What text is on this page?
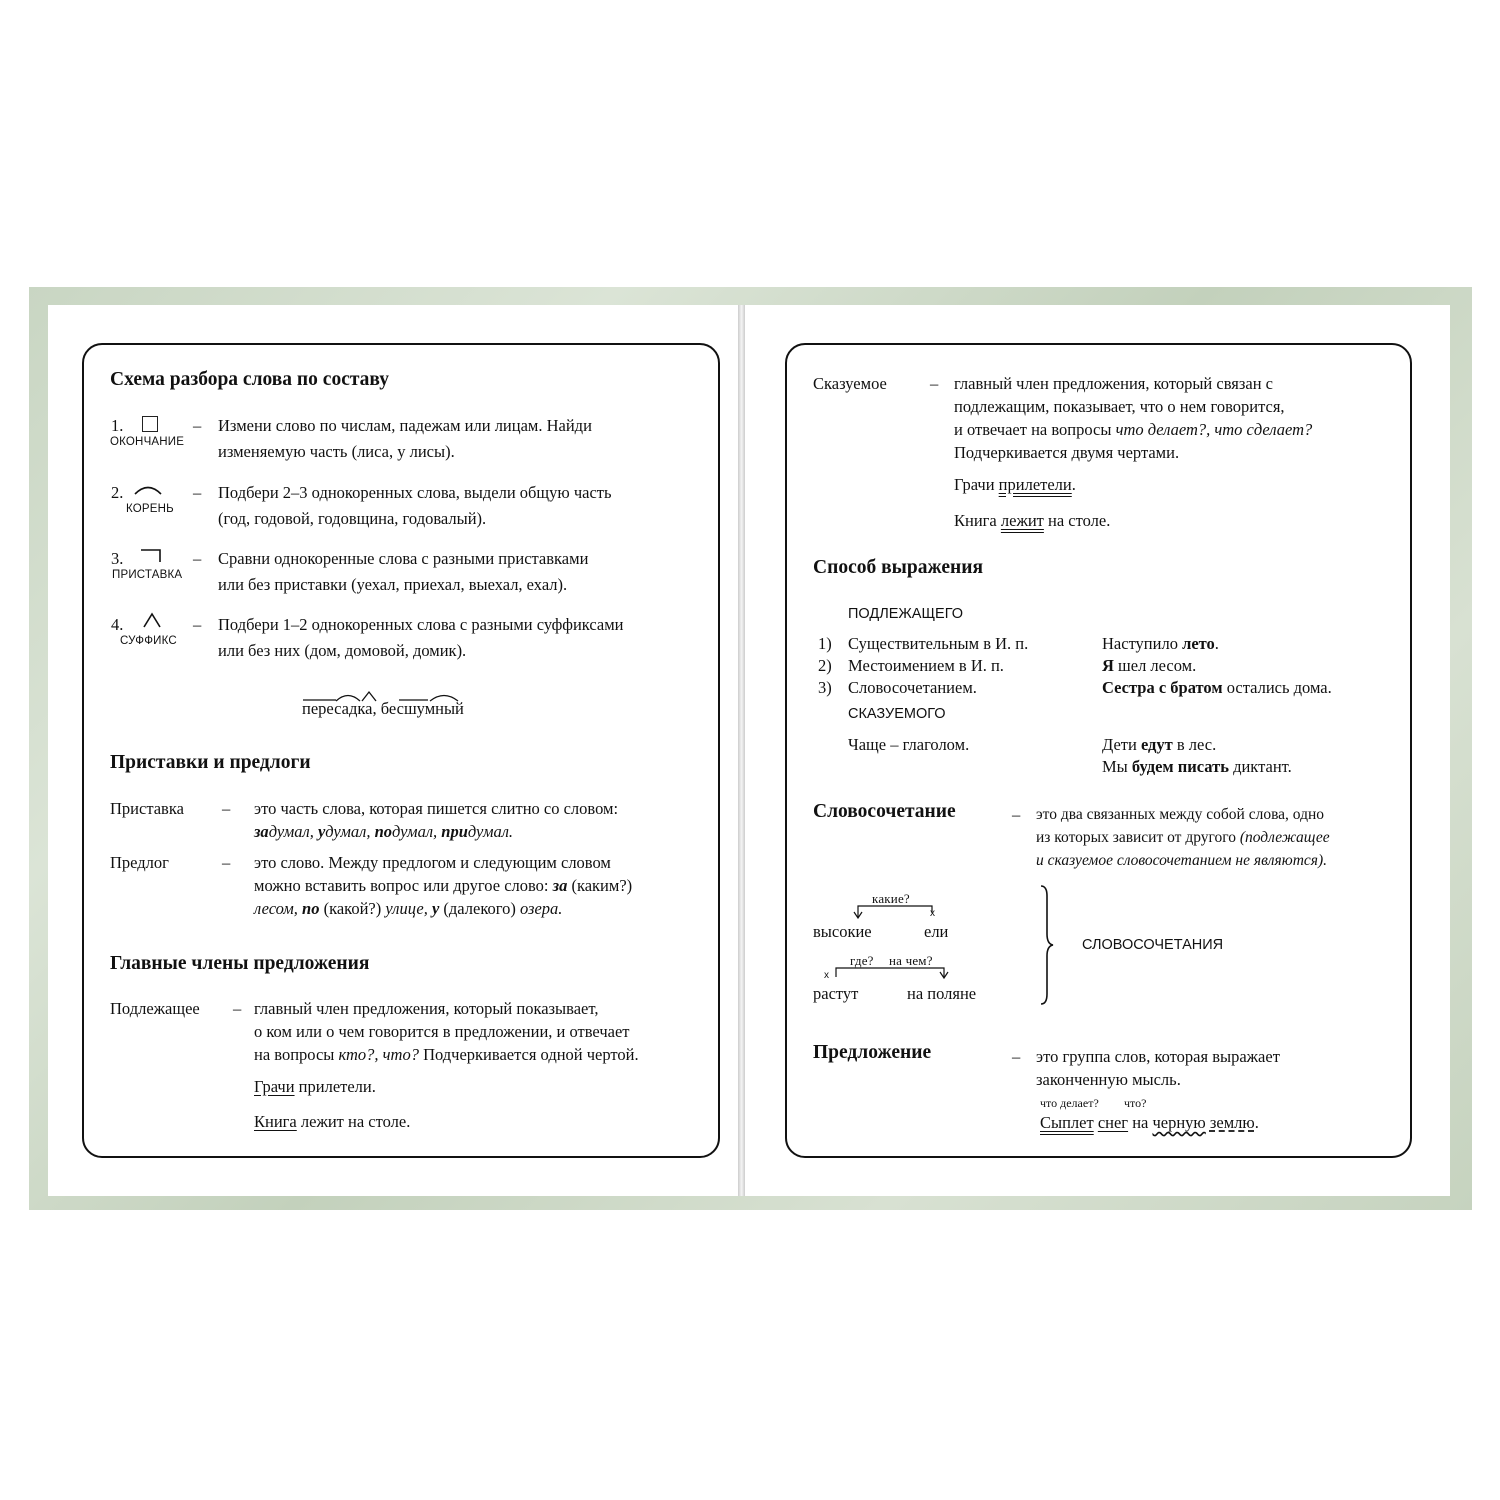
Схема разбора слова по составу
1.
ОКОНЧАНИЕ
– Измени слово по числам, падежам или лицам. Найди
изменяемую часть (лиса, у лисы).
2.
КОРЕНЬ
– Подбери 2–3 однокоренных слова, выдели общую часть
(год, годовой, годовщина, годовалый).
3.
ПРИСТАВКА
– Сравни однокоренные слова с разными приставками
или без приставки (уехал, приехал, выехал, ехал).
4.
СУФФИКС
– Подбери 1–2 однокоренных слова с разными суффиксами
или без них (дом, домовой, домик).
пересадка, бесшумный
Приставки и предлоги
Приставка – это часть слова, которая пишется слитно со словом:
задумал, удумал, подумал, придумал.
Предлог	– это слово. Между предлогом и следующим словом
можно вставить вопрос или другое слово: за (каким?)
лесом, по (какой?) улице, у (далекого) озера.
Главные члены предложения
Подлежащее – главный член предложения, который показывает,
о ком или о чем говорится в предложении, и отвечает
на вопросы кто?, что? Подчеркивается одной чертой.
Грачи прилетели.
Книга лежит на столе.
Сказуемое	– главный член предложения, который связан с
подлежащим, показывает, что о нем говорится,
и отвечает на вопросы что делает?, что сделает?
Подчеркивается двумя чертами.
Грачи прилетели.
Книга лежит на столе.
Способ выражения
ПОДЛЕЖАЩЕГО
1) Существительным в И. п.	Наступило лето.
2) Местоимением в И. п.	Я шел лесом.
3) Словосочетанием.	Сестра с братом остались дома.
СКАЗУЕМОГО
Чаще – глаголом.	Дети едут в лес.
Мы будем писать диктант.
Словосочетание	– это два связанных между собой слова, одно
из которых зависит от другого (подлежащее
и сказуемое словосочетанием не являются).
какие?
х
высокие	ели
где? на чем?
х
растут	на поляне
СЛОВОСОЧЕТАНИЯ
Предложение	– это группа слов, которая выражает
законченную мысль.
что делает? что?
Сыплет снег на черную землю.
